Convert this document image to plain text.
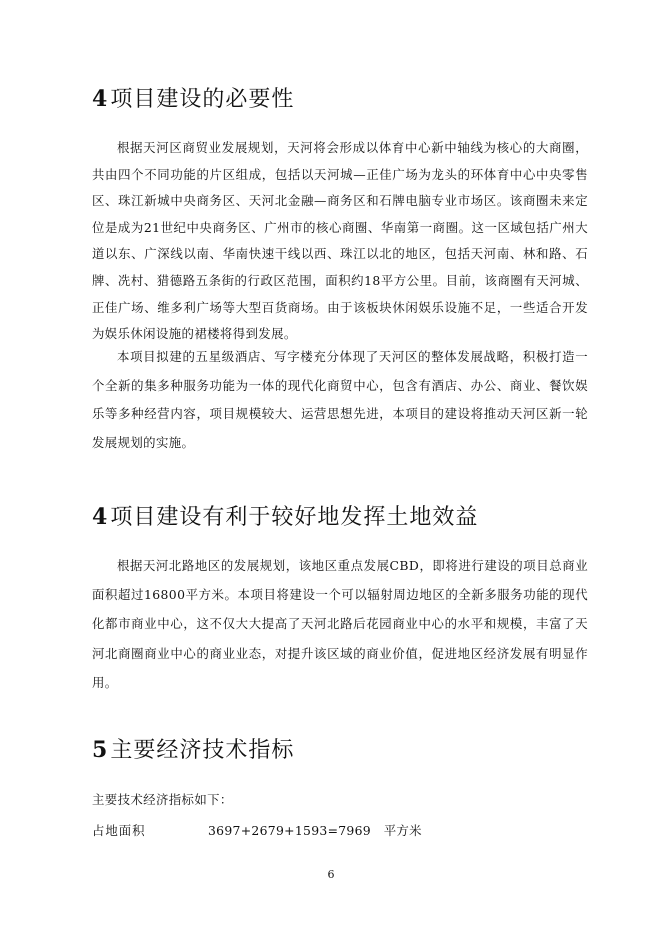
4项目建设的必要性

根据天河区商贸业发展规划，天河将会形成以体育中心新中轴线为核心的大商圈，共由四个不同功能的片区组成，包括以天河城—正佳广场为龙头的环体育中心中央零售区、珠江新城中央商务区、天河北金融—商务区和石牌电脑专业市场区。该商圈未来定位是成为21世纪中央商务区、广州市的核心商圈、华南第一商圈。这一区域包括广州大道以东、广深线以南、华南快速干线以西、珠江以北的地区，包括天河南、林和路、石牌、冼村、猎德路五条街的行政区范围，面积约18平方公里。目前，该商圈有天河城、正佳广场、维多利广场等大型百货商场。由于该板块休闲娱乐设施不足，一些适合开发为娱乐休闲设施的裙楼将得到发展。

本项目拟建的五星级酒店、写字楼充分体现了天河区的整体发展战略，积极打造一个全新的集多种服务功能为一体的现代化商贸中心，包含有酒店、办公、商业、餐饮娱乐等多种经营内容，项目规模较大、运营思想先进，本项目的建设将推动天河区新一轮发展规划的实施。

4项目建设有利于较好地发挥土地效益

根据天河北路地区的发展规划，该地区重点发展CBD，即将进行建设的项目总商业面积超过16800平方米。本项目将建设一个可以辐射周边地区的全新多服务功能的现代化都市商业中心，这不仅大大提高了天河北路后花园商业中心的水平和规模，丰富了天河北商圈商业中心的商业业态，对提升该区域的商业价值，促进地区经济发展有明显作用。

5主要经济技术指标

主要技术经济指标如下：

占地面积	3697+2679+1593=7969 平方米
6
